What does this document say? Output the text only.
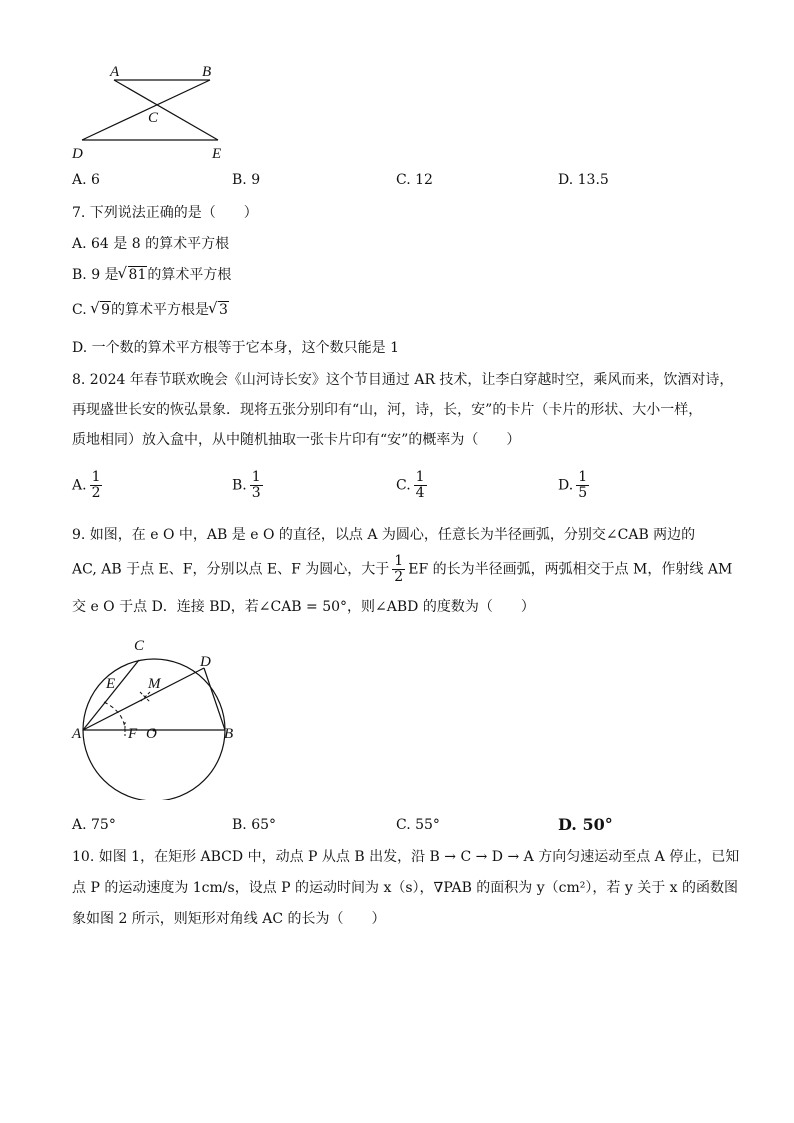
A	B
C
D	E
A. 6	B. 9	C. 12	D. 13.5
7. 下列说法正确的是（　　）
A. 64 是 8 的算术平方根
B. 9 是 √ 81的算术平方根
C. √ 9的算术平方根是 √ 3
D. 一个数的算术平方根等于它本身，这个数只能是 1
8. 2024 年春节联欢晚会《山河诗长安》这个节目通过 AR 技术，让李白穿越时空，乘风而来，饮酒对诗，
再现盛世长安的恢弘景象．现将五张分别印有“山，河，诗，长，安”的卡片（卡片的形状、大小一样，
质地相同）放入盒中，从中随机抽取一张卡片印有“安”的概率为（　　）
A. $\frac{1}{2}$	B. $\frac{1}{3}$	C. $\frac{1}{4}$	D. $\frac{1}{5}$
9. 如图，在 e O 中，AB 是 e O 的直径，以点 A 为圆心，任意长为半径画弧，分别交∠CAB 两边的
AC, AB 于点 E、F，分别以点 E、F 为圆心，大于 $\frac{1}{2}$ EF 的长为半径画弧，两弧相交于点 M，作射线 AM
交 e O 于点 D．连接 BD，若∠CAB = 50°，则∠ABD 的度数为（　　）
C
D
E M
A	F O	B
A. 75°	B. 65°	C. 55°	D. 50°
10. 如图 1，在矩形 ABCD 中，动点 P 从点 B 出发，沿 B → C → D → A 方向匀速运动至点 A 停止，已知
点 P 的运动速度为 1cm/s，设点 P 的运动时间为 x（s），∇PAB 的面积为 y（cm²），若 y 关于 x 的函数图
象如图 2 所示，则矩形对角线 AC 的长为（　　）
